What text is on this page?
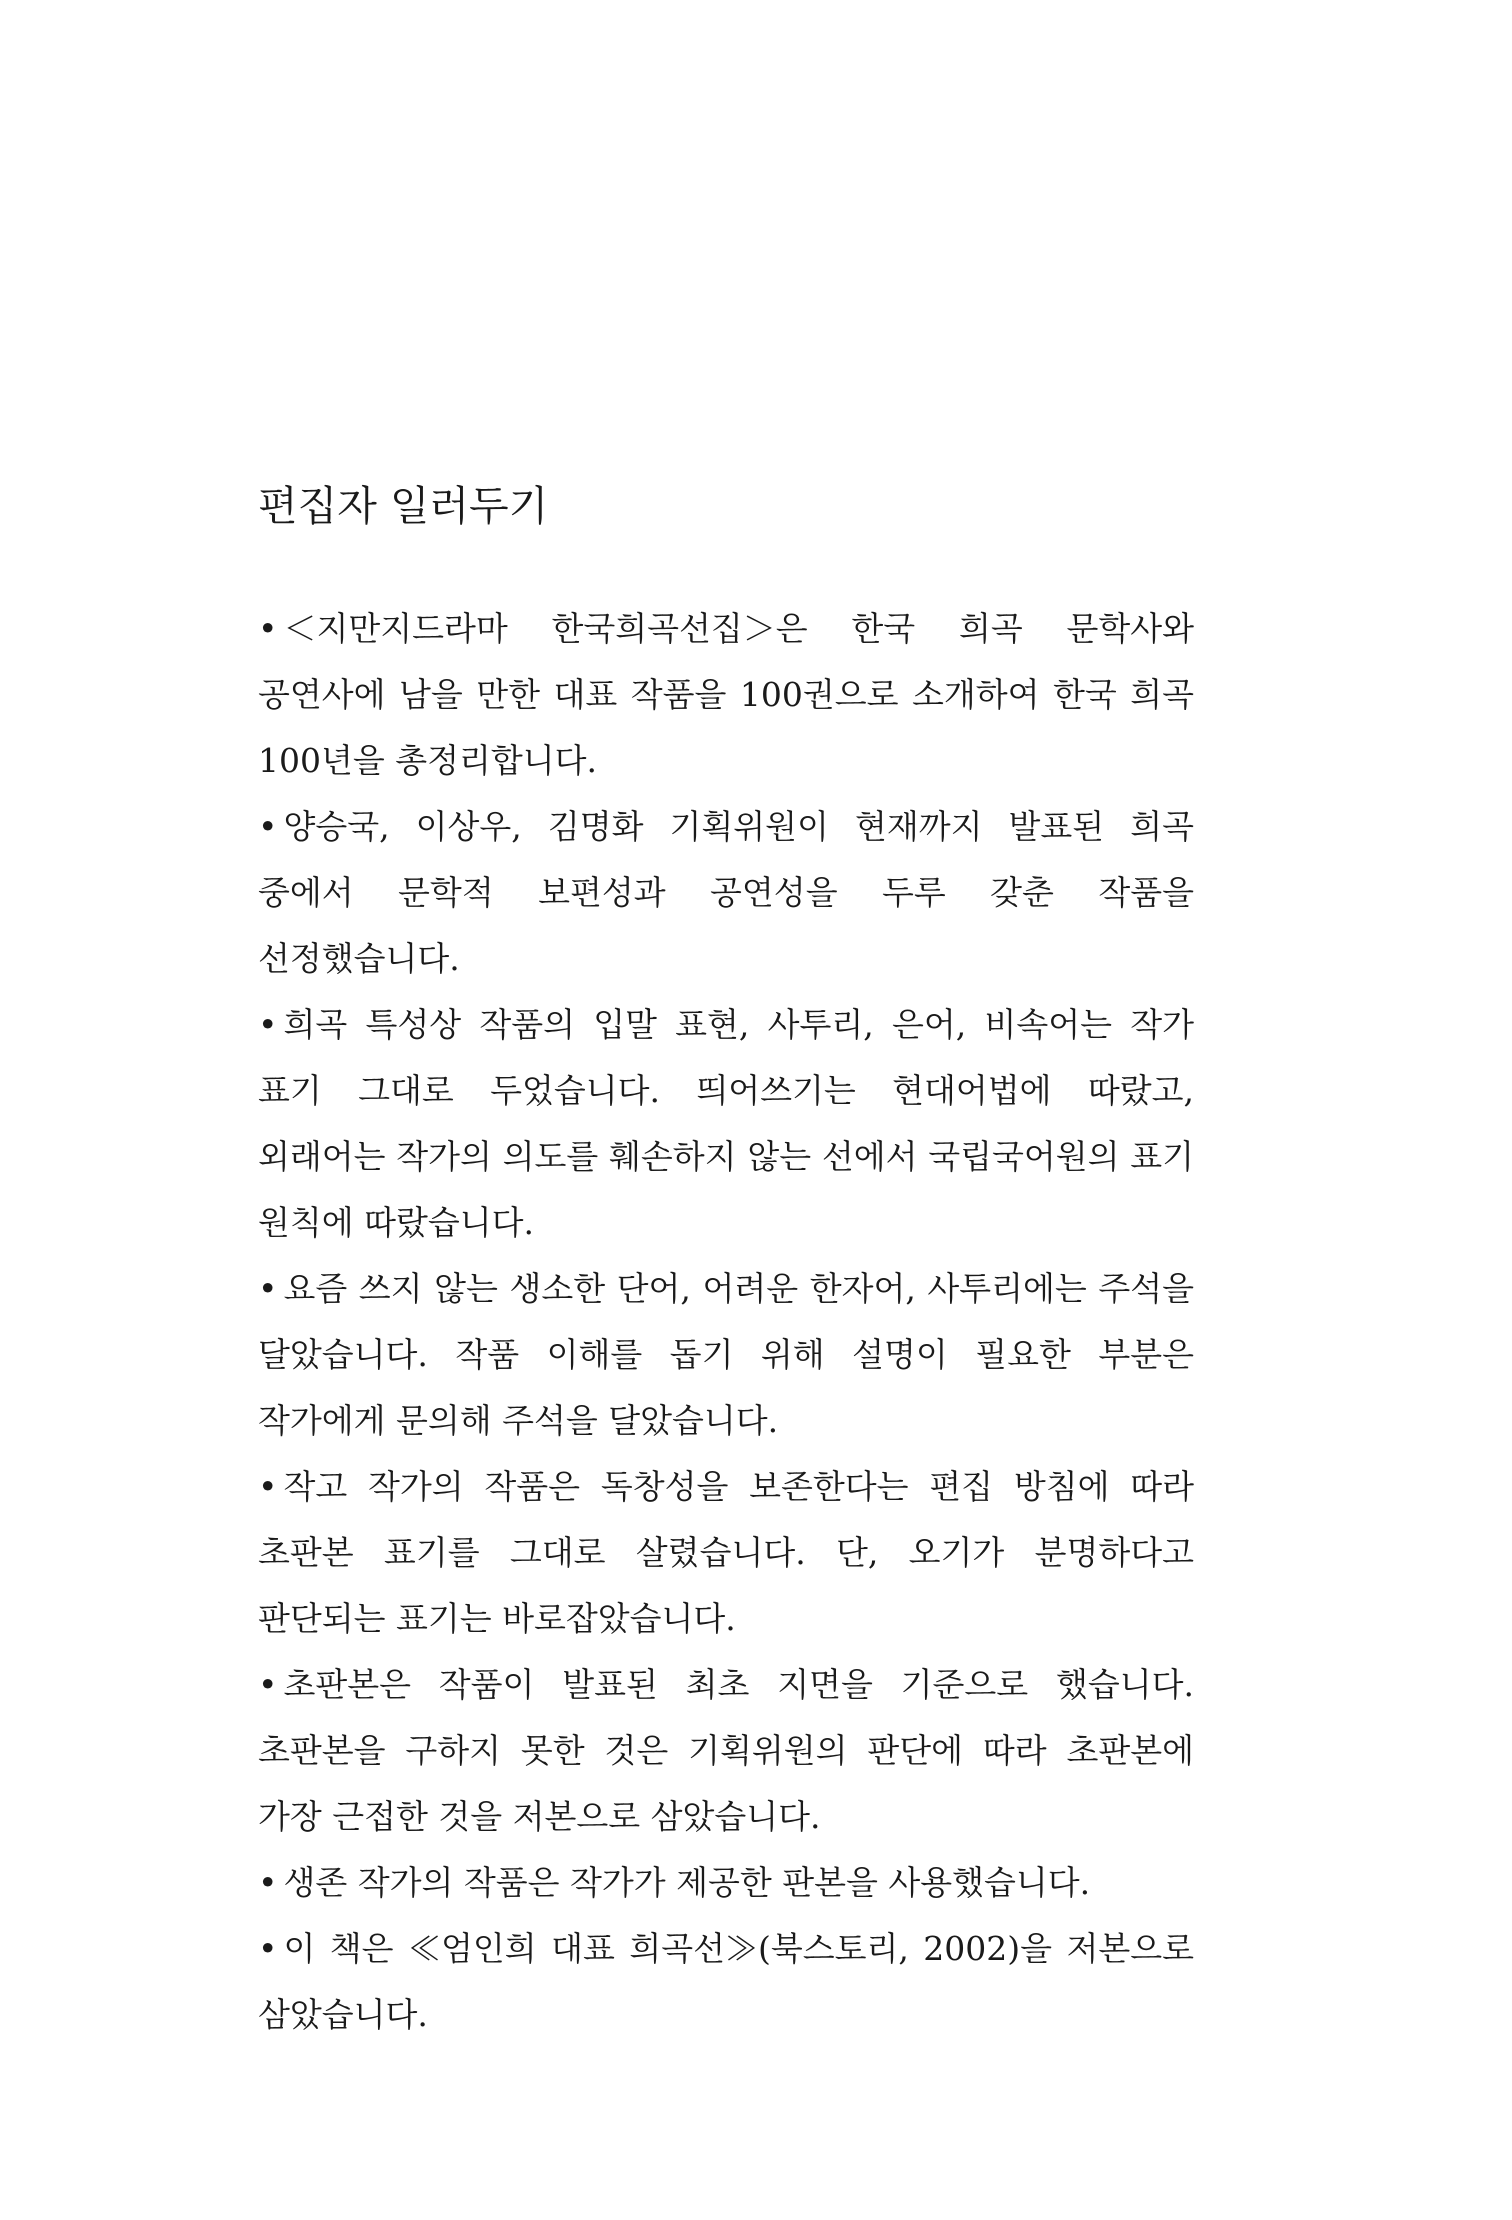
편집자 일러두기
• ＜지만지드라마 한국희곡선집＞은 한국 희곡 문학사와 공연사에 남을 만한 대표 작품을 100권으로 소개하여 한국 희곡 100년을 총정리합니다.
• 양승국, 이상우, 김명화 기획위원이 현재까지 발표된 희곡 중에서 문학적 보편성과 공연성을 두루 갖춘 작품을 선정했습니다.
• 희곡 특성상 작품의 입말 표현, 사투리, 은어, 비속어는 작가 표기 그대로 두었습니다. 띄어쓰기는 현대어법에 따랐고, 외래어는 작가의 의도를 훼손하지 않는 선에서 국립국어원의 표기 원칙에 따랐습니다.
• 요즘 쓰지 않는 생소한 단어, 어려운 한자어, 사투리에는 주석을 달았습니다. 작품 이해를 돕기 위해 설명이 필요한 부분은 작가에게 문의해 주석을 달았습니다.
• 작고 작가의 작품은 독창성을 보존한다는 편집 방침에 따라 초판본 표기를 그대로 살렸습니다. 단, 오기가 분명하다고 판단되는 표기는 바로잡았습니다.
• 초판본은 작품이 발표된 최초 지면을 기준으로 했습니다. 초판본을 구하지 못한 것은 기획위원의 판단에 따라 초판본에 가장 근접한 것을 저본으로 삼았습니다.
• 생존 작가의 작품은 작가가 제공한 판본을 사용했습니다.
• 이 책은 ≪엄인희 대표 희곡선≫(북스토리, 2002)을 저본으로 삼았습니다.
